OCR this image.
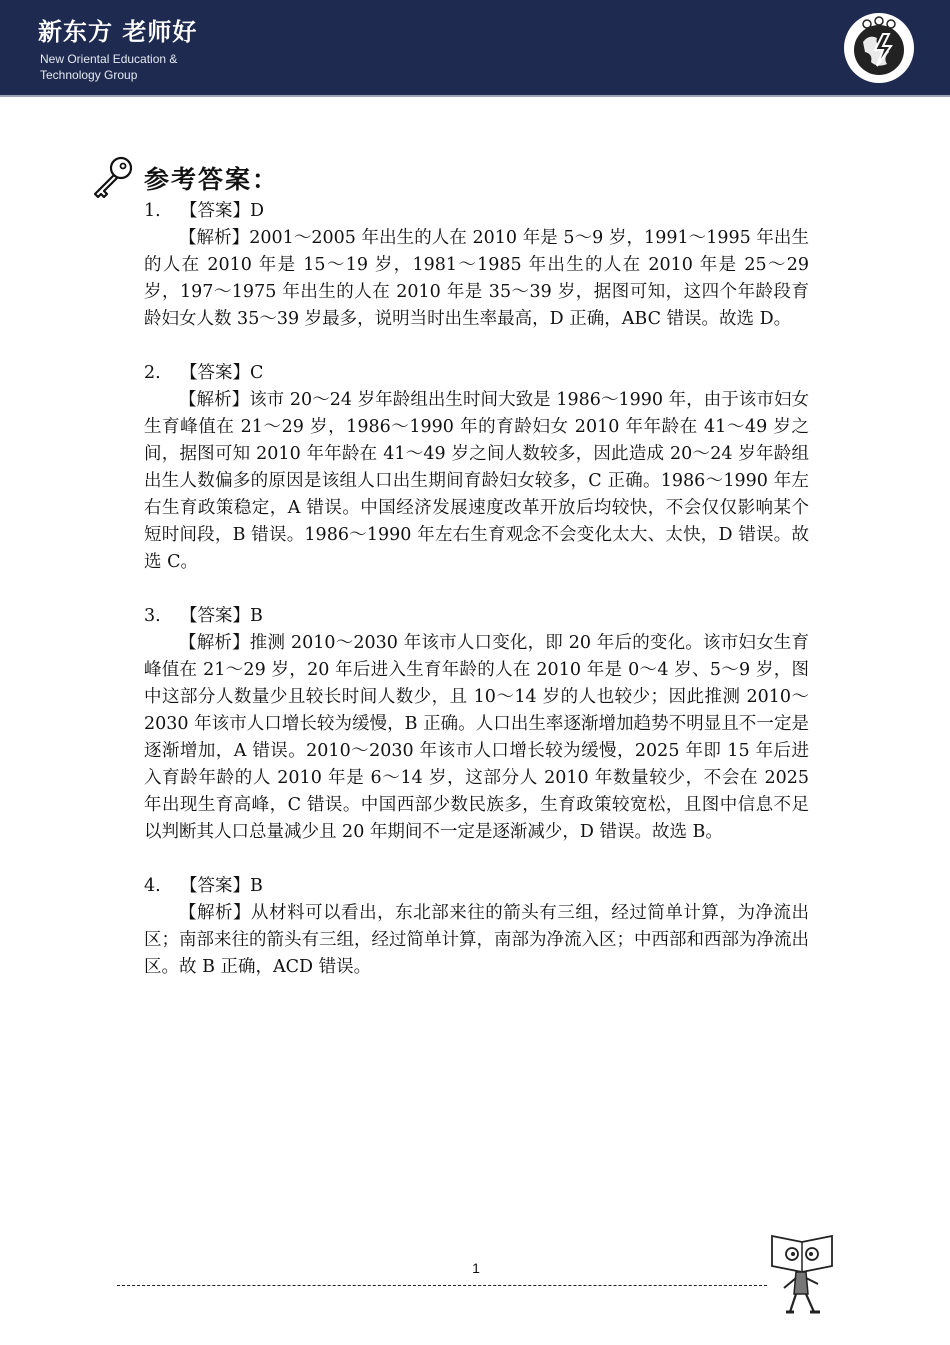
新东方 老师好
New Oriental Education & Technology Group
参考答案：
1. 【答案】D

【解析】2001～2005 年出生的人在 2010 年是 5～9 岁，1991～1995 年出生的人在 2010 年是 15～19 岁，1981～1985 年出生的人在 2010 年是 25～29 岁，197～1975 年出生的人在 2010 年是 35～39 岁，据图可知，这四个年龄段育龄妇女人数 35～39 岁最多，说明当时出生率最高，D 正确，ABC 错误。故选 D。

2. 【答案】C

【解析】该市 20～24 岁年龄组出生时间大致是 1986～1990 年，由于该市妇女生育峰值在 21～29 岁，1986～1990 年的育龄妇女 2010 年年龄在 41～49 岁之间，据图可知 2010 年年龄在 41～49 岁之间人数较多，因此造成 20～24 岁年龄组出生人数偏多的原因是该组人口出生期间育龄妇女较多，C 正确。1986～1990 年左右生育政策稳定，A 错误。中国经济发展速度改革开放后均较快，不会仅仅影响某个短时间段，B 错误。1986～1990 年左右生育观念不会变化太大、太快，D 错误。故选 C。

3. 【答案】B

【解析】推测 2010～2030 年该市人口变化，即 20 年后的变化。该市妇女生育峰值在 21～29 岁，20 年后进入生育年龄的人在 2010 年是 0～4 岁、5～9 岁，图中这部分人数量少且较长时间人数少，且 10～14 岁的人也较少；因此推测 2010～2030 年该市人口增长较为缓慢，B 正确。人口出生率逐渐增加趋势不明显且不一定是逐渐增加，A 错误。2010～2030 年该市人口增长较为缓慢，2025 年即 15 年后进入育龄年龄的人 2010 年是 6～14 岁，这部分人 2010 年数量较少，不会在 2025 年出现生育高峰，C 错误。中国西部少数民族多，生育政策较宽松，且图中信息不足以判断其人口总量减少且 20 年期间不一定是逐渐减少，D 错误。故选 B。

4. 【答案】B

【解析】从材料可以看出，东北部来往的箭头有三组，经过简单计算，为净流出区；南部来往的箭头有三组，经过简单计算，南部为净流入区；中西部和西部为净流出区。故 B 正确，ACD 错误。

1
